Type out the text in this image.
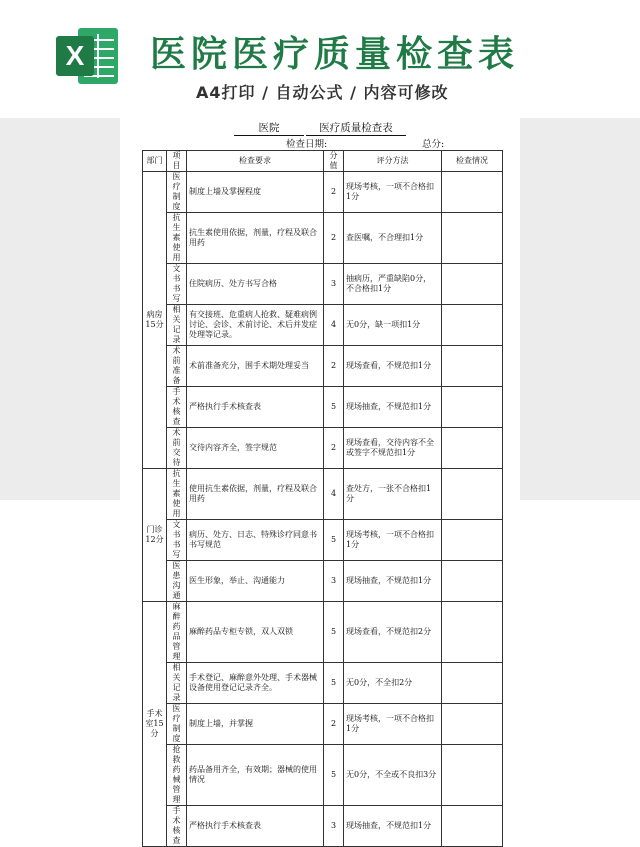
X 医院医疗质量检查表
A4打印 / 自动公式 / 内容可修改
医院	医疗质量检查表
检查日期:	总分:
部门	项目	检查要求	分值	评分方法	检查情况
病房15分	医疗制度	制度上墙及掌握程度	2	现场考核，一项不合格扣1分	
	抗生素使用	抗生素使用依据，剂量，疗程及联合用药	2	查医嘱，不合理扣1分	
	文书书写	住院病历、处方书写合格	3	抽病历，严重缺陷0分，不合格扣1分	
	相关记录	有交接班、危重病人抢救、疑难病例讨论、会诊、术前讨论、术后并发症处理等记录。	4	无0分，缺一项扣1分	
	术前准备	术前准备充分，围手术期处理妥当	2	现场查看，不规范扣1分	
	手术核查	严格执行手术核查表	5	现场抽查，不规范扣1分	
	术前交待	交待内容齐全，签字规范	2	现场查看，交待内容不全或签字不规范扣1分	
门诊12分	抗生素使用	使用抗生素依据，剂量，疗程及联合用药	4	查处方，一张不合格扣1分	
	文书书写	病历、处方、日志、特殊诊疗同意书书写规范	5	现场考核，一项不合格扣1分	
	医患沟通	医生形象，举止、沟通能力	3	现场抽查，不规范扣1分	
手术室15分	麻醉药品管理	麻醉药品专柜专锁，双人双锁	5	现场查看，不规范扣2分	
	相关记录	手术登记、麻醉意外处理、手术器械设备使用登记记录齐全。	5	无0分，不全扣2分	
	医疗制度	制度上墙，并掌握	2	现场考核，一项不合格扣1分	
	抢救药械管理	药品备用齐全，有效期；器械的使用情况	5	无0分，不全或不良扣3分	
	手术核查	严格执行手术核查表	3	现场抽查，不规范扣1分	
